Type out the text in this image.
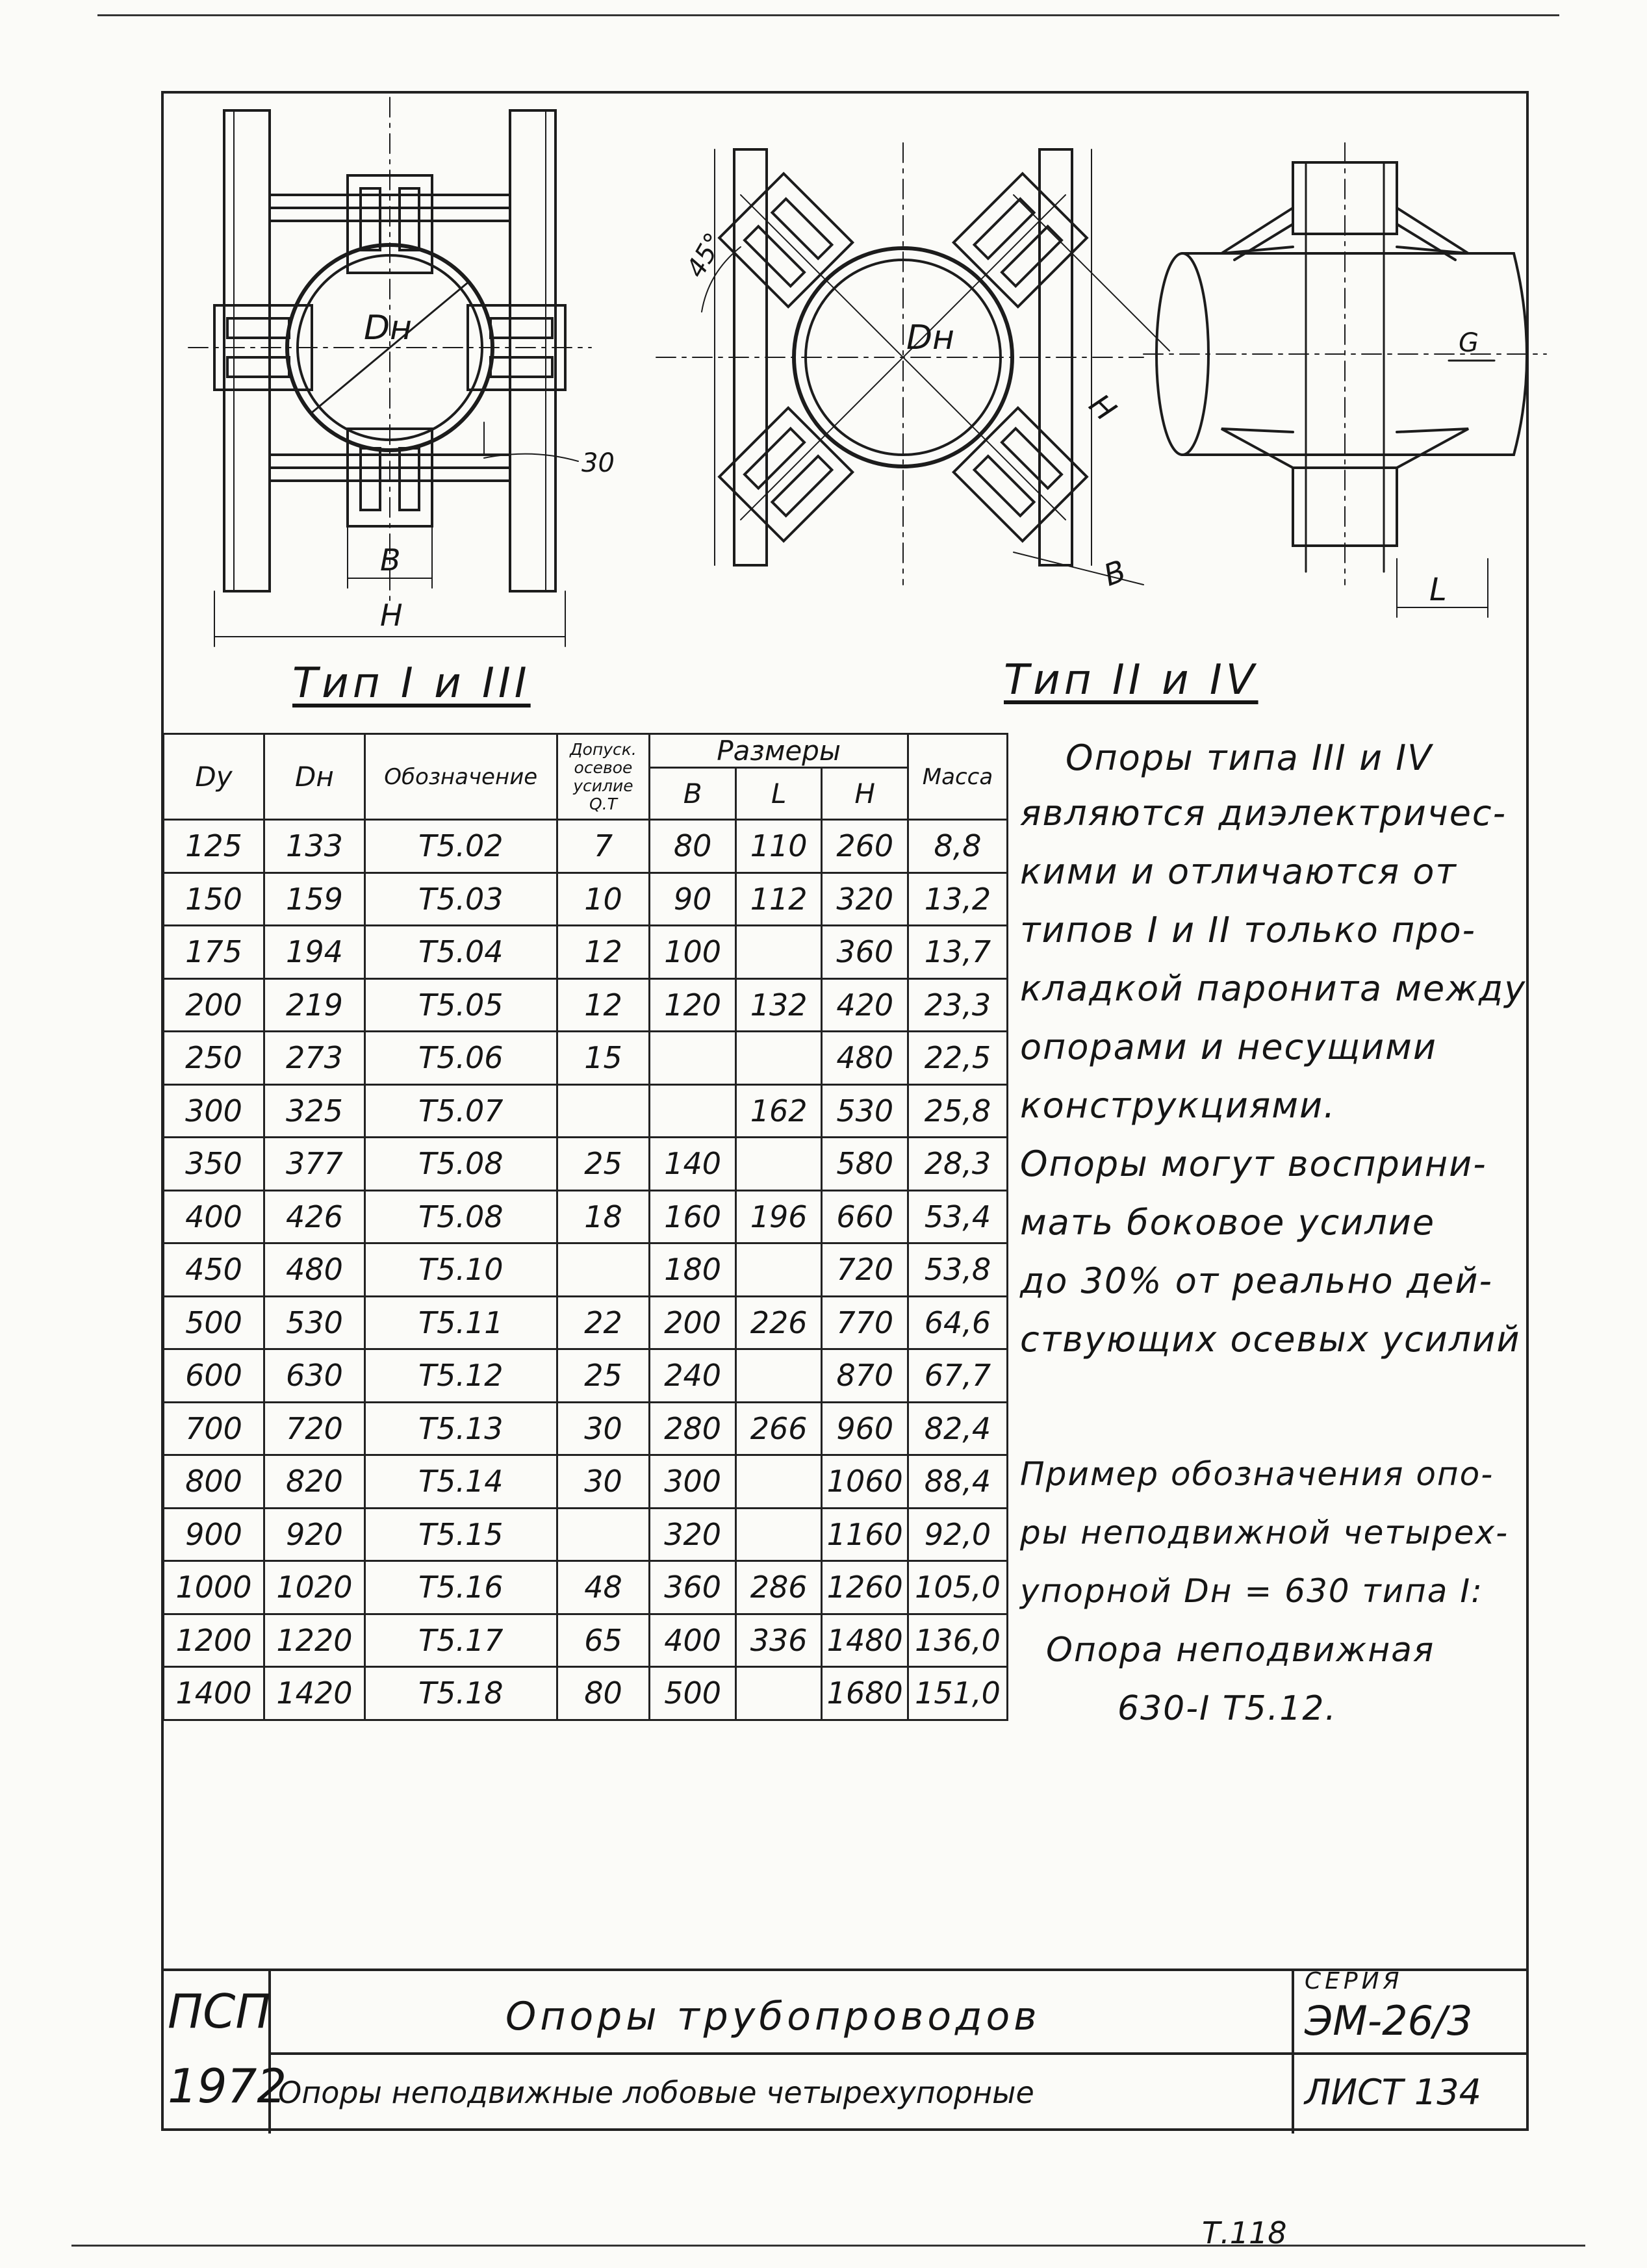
Dн
B
H
30
45°
Dн
H
B	L
G
Тип I и III	Тип II и IV
Dу	Dн	Обозначение	Допуск. осевое усилие Q.T	Размеры			Масса
				B	L	H	
125	133	Т5.02	7	80	110	260	8,8
150	159	Т5.03	10	90	112	320	13,2
175	194	Т5.04	12	100		360	13,7
200	219	Т5.05	12	120	132	420	23,3
250	273	Т5.06	15			480	22,5
300	325	Т5.07			162	530	25,8
350	377	Т5.08	25	140		580	28,3
400	426	Т5.08	18	160	196	660	53,4
450	480	Т5.10		180		720	53,8
500	530	Т5.11	22	200	226	770	64,6
600	630	Т5.12	25	240		870	67,7
700	720	Т5.13	30	280	266	960	82,4
800	820	Т5.14	30	300		1060	88,4
900	920	Т5.15		320		1160	92,0
1000	1020	Т5.16	48	360	286	1260	105,0
1200	1220	Т5.17	65	400	336	1480	136,0
1400	1420	Т5.18	80	500		1680	151,0
Опоры типа III и IV
являются диэлектричес-
кими и отличаются от
типов I и II только про-
кладкой паронита между
опорами и несущими
конструкциями.
Опоры могут восприни-
мать боковое усилие
до 30% от реально дей-
ствующих осевых усилий
Пример обозначения опо-
ры неподвижной четырех-
упорной Dн = 630 типа I:
Опора неподвижная
630-I Т5.12.
ПСП
1972
Опоры трубопроводов
Опоры неподвижные лобовые четырехупорные
СЕРИЯ
ЭМ-26/3
ЛИСТ 134
Т.118
